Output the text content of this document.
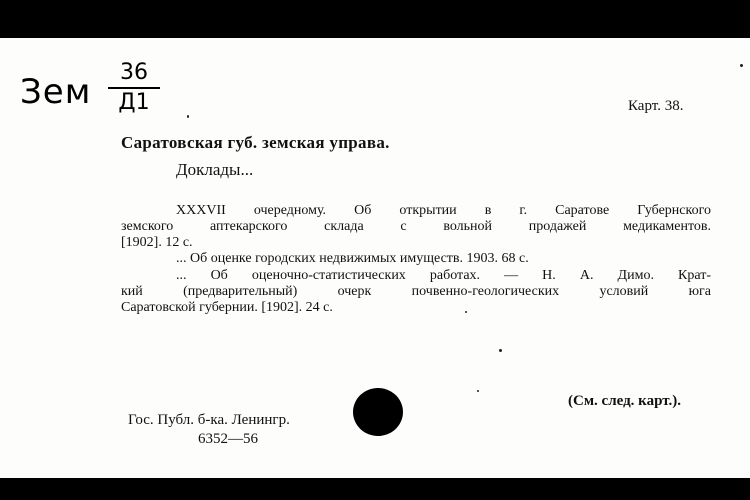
Зем	36
Д1	Карт. 38.
Саратовская губ. земская управа.
Доклады...
XXXVII очередному. Об открытии в г. Саратове Губернского
земского аптекарского склада с вольной продажей медикаментов.
[1902]. 12 с.
... Об оценке городских недвижимых имуществ. 1903. 68 с.
... Об оценочно-статистических работах. — Н. А. Димо. Крат-
кий (предварительный) очерк почвенно-геологических условий юга
Саратовской губернии. [1902]. 24 с.
(См. след. карт.).
Гос. Публ. б-ка. Ленингр.
6352—56
